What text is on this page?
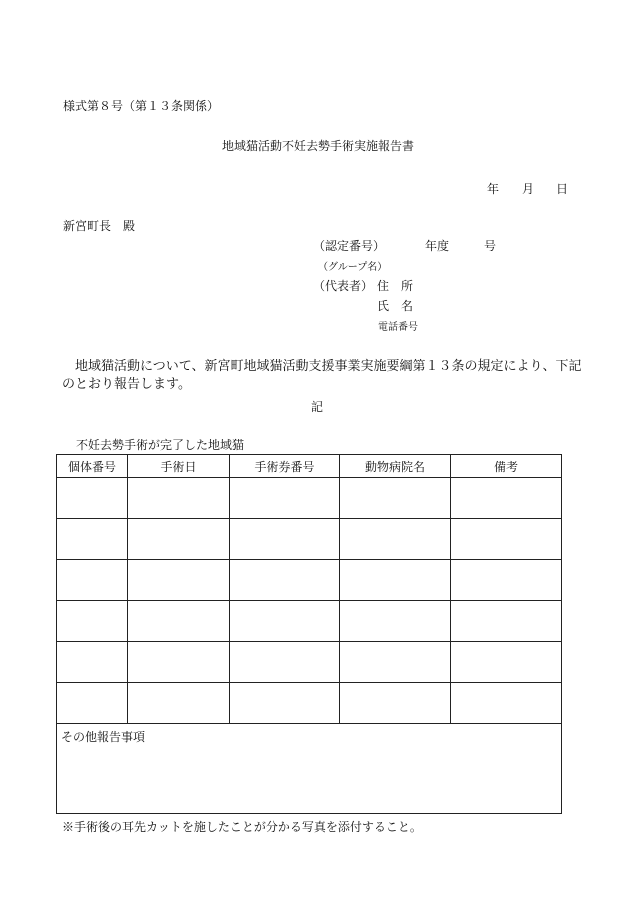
様式第８号（第１３条関係）
地域猫活動不妊去勢手術実施報告書
年 月 日
新宮町長　殿
（認定番号）	年度	号
（グループ名）
（代表者） 住　所
氏　名
電話番号
地域猫活動について、新宮町地域猫活動支援事業実施要綱第１３条の規定により、下記のとおり報告します。
記
不妊去勢手術が完了した地域猫
個体番号	手術日	手術券番号	動物病院名	備考

その他報告事項
※手術後の耳先カットを施したことが分かる写真を添付すること。
